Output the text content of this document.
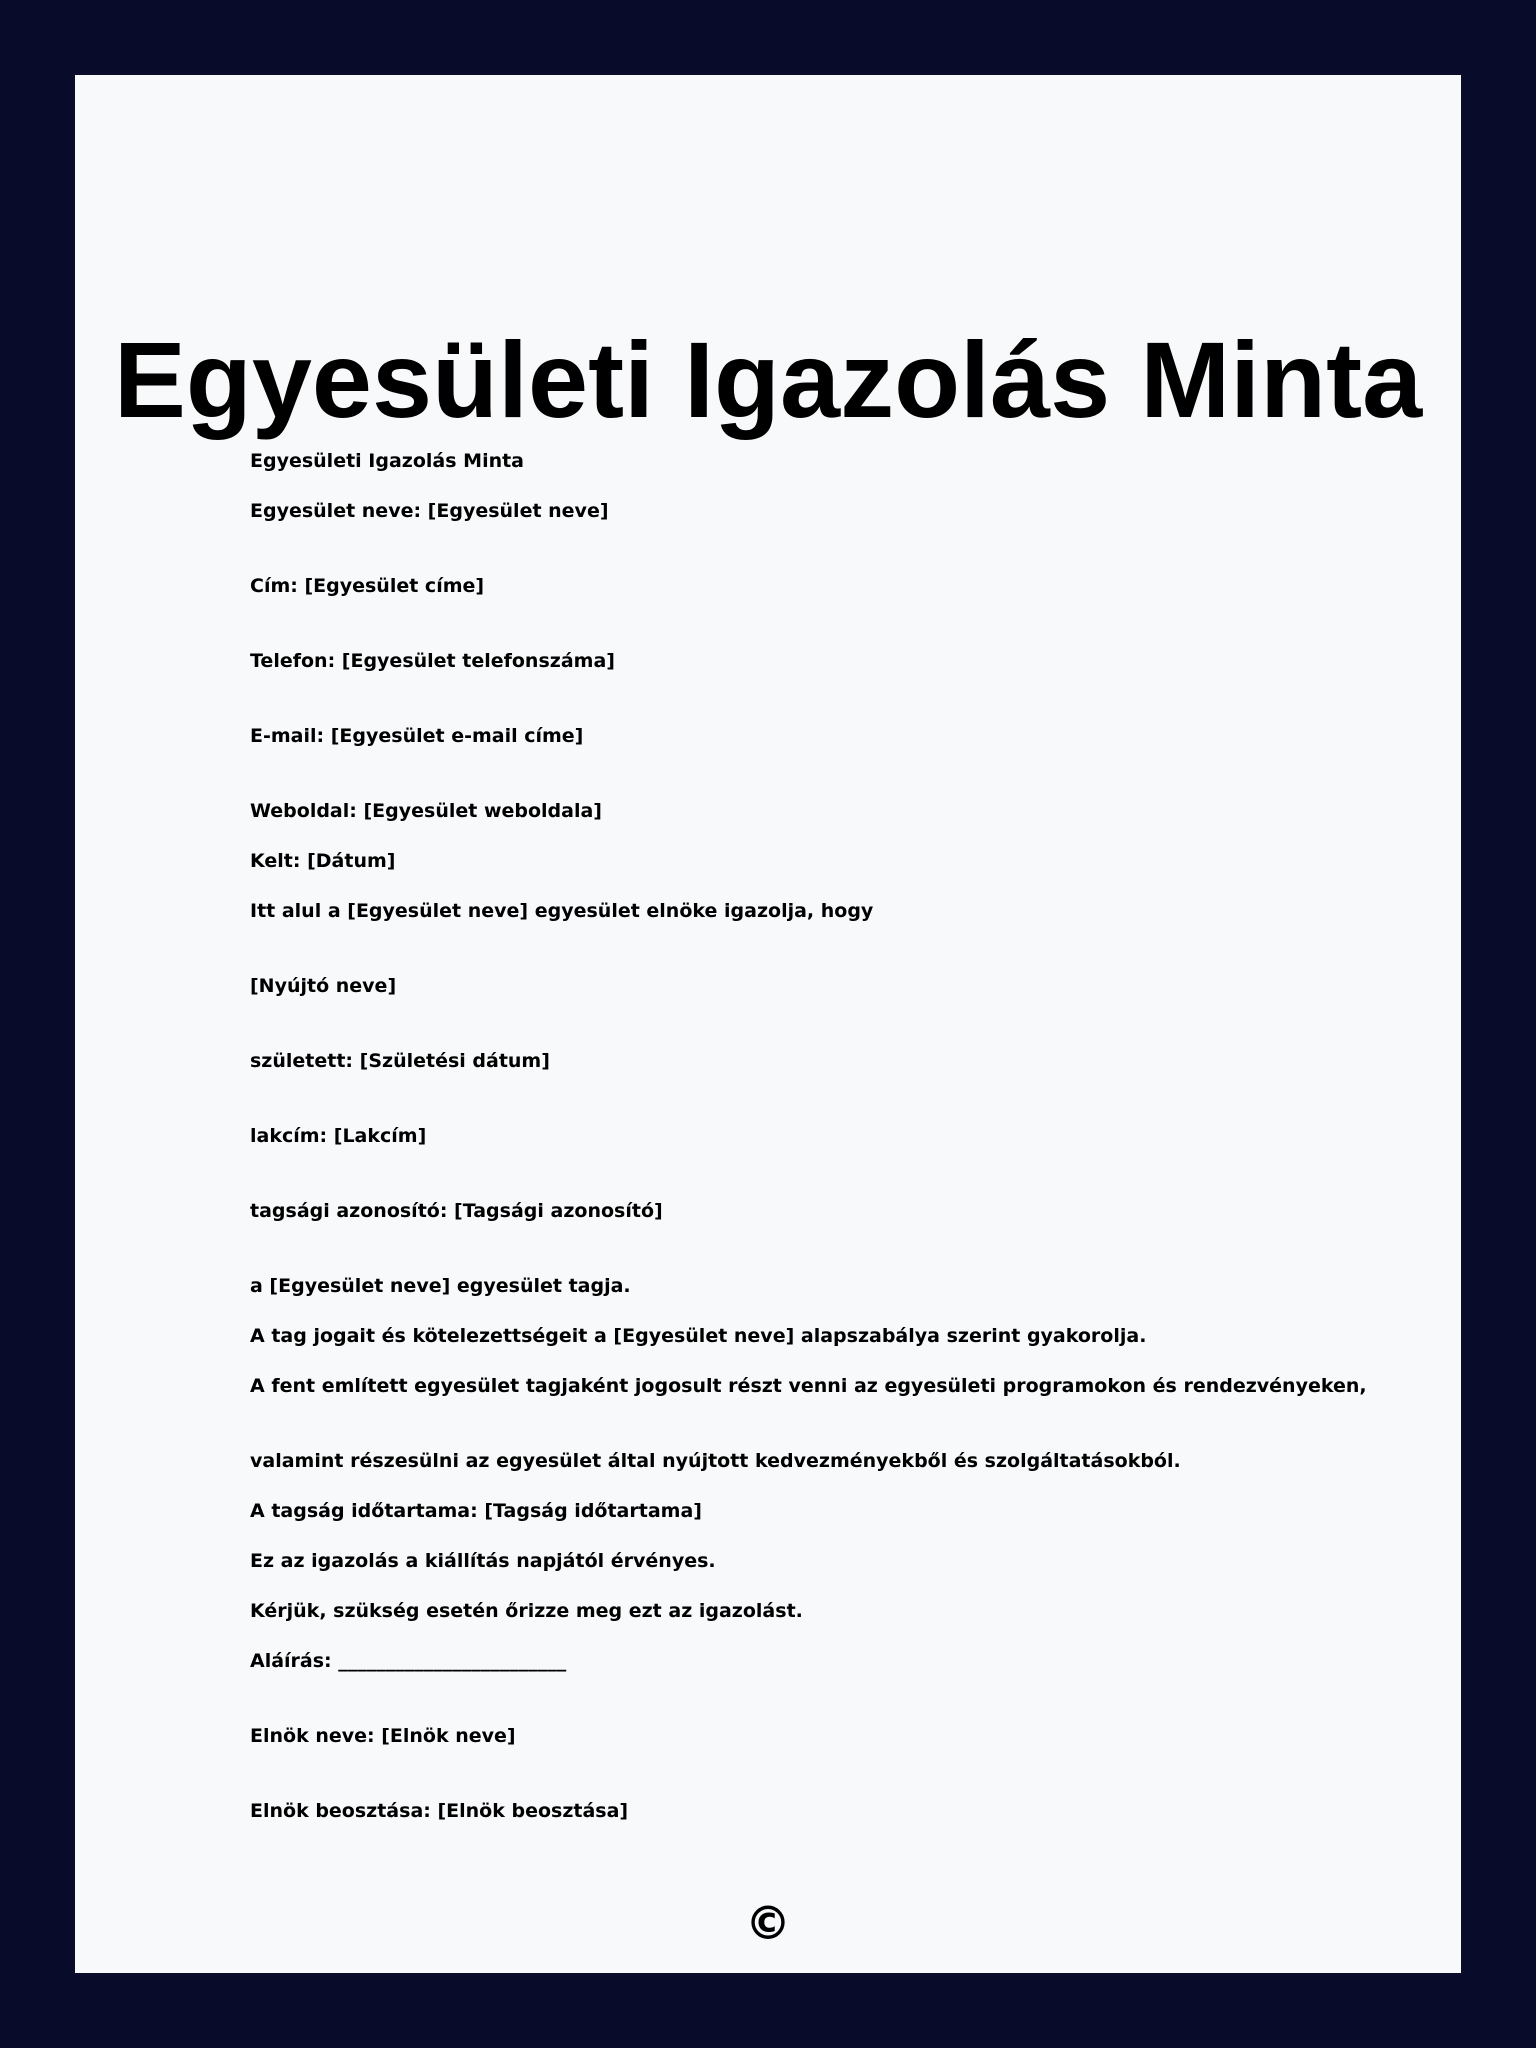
Egyesületi Igazolás Minta
Egyesületi Igazolás Minta
Egyesület neve: [Egyesület neve]
Cím: [Egyesület címe]
Telefon: [Egyesület telefonszáma]
E-mail: [Egyesület e-mail címe]
Weboldal: [Egyesület weboldala]
Kelt: [Dátum]
Itt alul a [Egyesület neve] egyesület elnöke igazolja, hogy
[Nyújtó neve]
született: [Születési dátum]
lakcím: [Lakcím]
tagsági azonosító: [Tagsági azonosító]
a [Egyesület neve] egyesület tagja.
A tag jogait és kötelezettségeit a [Egyesület neve] alapszabálya szerint gyakorolja.
A fent említett egyesület tagjaként jogosult részt venni az egyesületi programokon és rendezvényeken,
valamint részesülni az egyesület által nyújtott kedvezményekből és szolgáltatásokból.
A tagság időtartama: [Tagság időtartama]
Ez az igazolás a kiállítás napjától érvényes.
Kérjük, szükség esetén őrizze meg ezt az igazolást.
Aláírás: ________________________
Elnök neve: [Elnök neve]
Elnök beosztása: [Elnök beosztása]
©
